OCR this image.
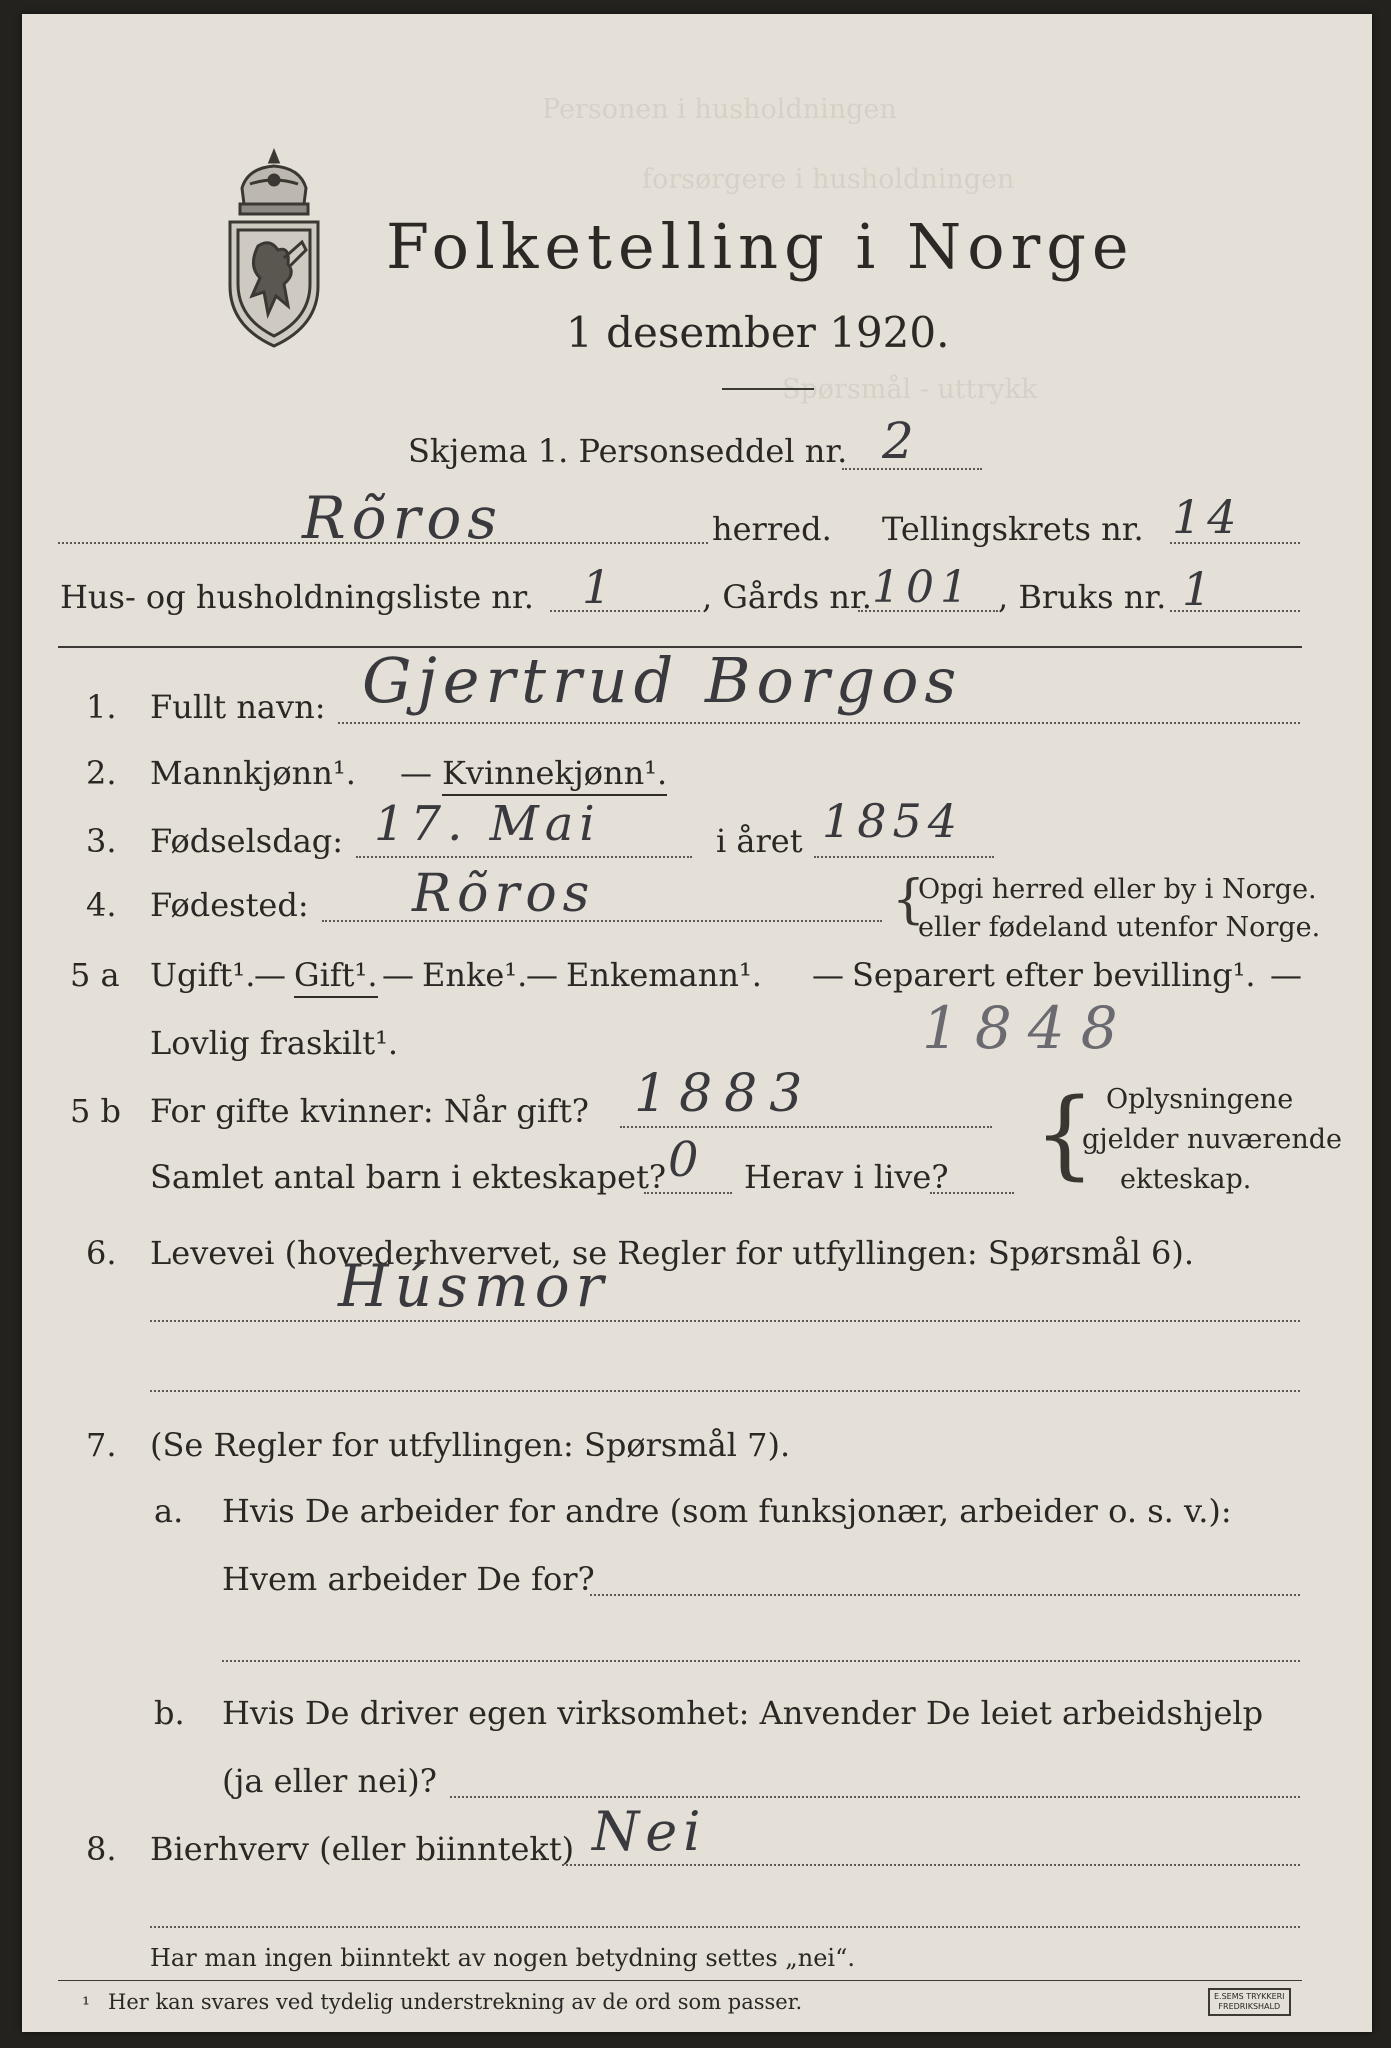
Personen i husholdningen
forsørgere i husholdningen
Spørsmål - uttrykk
Folketelling i Norge
1 desember 1920.
Skjema 1. Personseddel nr. 2
Rõros	herred. Tellingskrets nr. 14
Hus- og husholdningsliste nr. 1	, Gårds nr. 101 , Bruks nr. 1
1. Fullt navn: Gjertrud Borgos
2. Mannkjønn¹. — Kvinnekjønn¹.
3. Fødselsdag: 17. Mai	i året 1854
4. Fødested: Rõros	{
Opgi herred eller by i Norge.
eller fødeland utenfor Norge.
5 a Ugift¹.
— Gift¹. — Enke¹.
— Enkemann¹. — Separert efter bevilling¹. —
Lovlig fraskilt¹.	1848
5 b For gifte kvinner: Når gift? 1883
Samlet antal barn i ekteskapet? 0 Herav i live? { Oplysningene
gjelder nuværende
ekteskap.
6. Levevei (hovederhvervet, se Regler for utfyllingen: Spørsmål 6).
Húsmor
7. (Se Regler for utfyllingen: Spørsmål 7).
a. Hvis De arbeider for andre (som funksjonær, arbeider o. s. v.):
Hvem arbeider De for?
b. Hvis De driver egen virksomhet: Anvender De leiet arbeidshjelp
(ja eller nei)?
8. Bierhverv (eller biinntekt) Nei
Har man ingen biinntekt av nogen betydning settes „nei“.
¹ Her kan svares ved tydelig understrekning av de ord som passer.	E.SEMS TRYKKERI
FREDRIKSHALD
